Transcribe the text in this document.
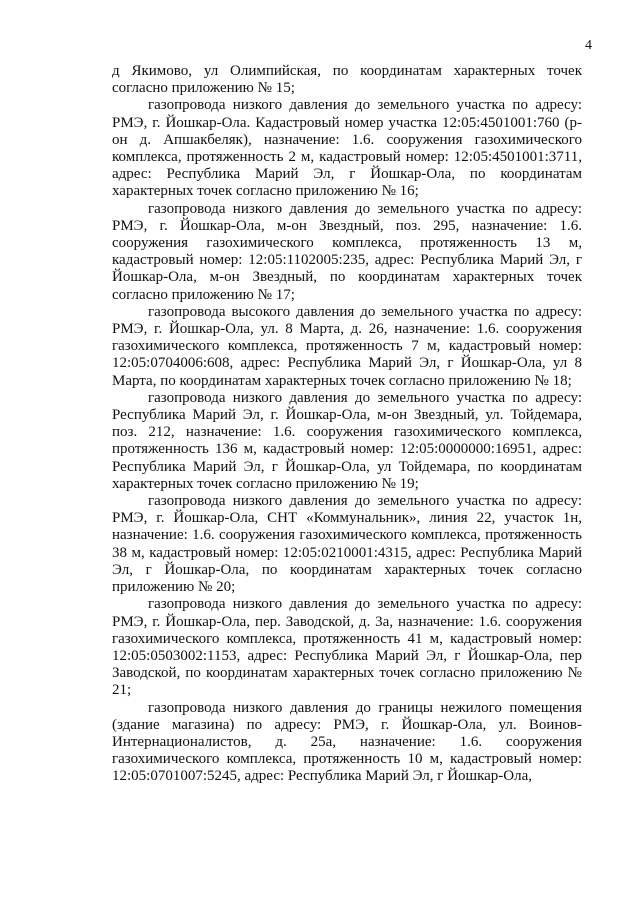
4

д Якимово, ул Олимпийская, по координатам характерных точек согласно приложению № 15;

газопровода низкого давления до земельного участка по адресу: РМЭ, г. Йошкар-Ола. Кадастровый номер участка 12:05:4501001:760 (р-он д. Апшакбеляк), назначение: 1.6. сооружения газохимического комплекса, протяженность 2 м, кадастровый номер: 12:05:4501001:3711, адрес: Республика Марий Эл, г Йошкар-Ола, по координатам характерных точек согласно приложению № 16;

газопровода низкого давления до земельного участка по адресу: РМЭ, г. Йошкар-Ола, м-он Звездный, поз. 295, назначение: 1.6. сооружения газохимического комплекса, протяженность 13 м, кадастровый номер: 12:05:1102005:235, адрес: Республика Марий Эл, г Йошкар-Ола, м-он Звездный, по координатам характерных точек согласно приложению № 17;

газопровода высокого давления до земельного участка по адресу: РМЭ, г. Йошкар-Ола, ул. 8 Марта, д. 26, назначение: 1.6. сооружения газохимического комплекса, протяженность 7 м, кадастровый номер: 12:05:0704006:608, адрес: Республика Марий Эл, г Йошкар-Ола, ул 8 Марта, по координатам характерных точек согласно приложению № 18;

газопровода низкого давления до земельного участка по адресу: Республика Марий Эл, г. Йошкар-Ола, м-он Звездный, ул. Тойдемара, поз. 212, назначение: 1.6. сооружения газохимического комплекса, протяженность 136 м, кадастровый номер: 12:05:0000000:16951, адрес: Республика Марий Эл, г Йошкар-Ола, ул Тойдемара, по координатам характерных точек согласно приложению № 19;

газопровода низкого давления до земельного участка по адресу: РМЭ, г. Йошкар-Ола, СНТ «Коммунальник», линия 22, участок 1н, назначение: 1.6. сооружения газохимического комплекса, протяженность 38 м, кадастровый номер: 12:05:0210001:4315, адрес: Республика Марий Эл, г Йошкар-Ола, по координатам характерных точек согласно приложению № 20;

газопровода низкого давления до земельного участка по адресу: РМЭ, г. Йошкар-Ола, пер. Заводской, д. 3а, назначение: 1.6. сооружения газохимического комплекса, протяженность 41 м, кадастровый номер: 12:05:0503002:1153, адрес: Республика Марий Эл, г Йошкар-Ола, пер Заводской, по координатам характерных точек согласно приложению № 21;

газопровода низкого давления до границы нежилого помещения (здание магазина) по адресу: РМЭ, г. Йошкар-Ола, ул. Воинов-Интернационалистов, д. 25а, назначение: 1.6. сооружения газохимического комплекса, протяженность 10 м, кадастровый номер: 12:05:0701007:5245, адрес: Республика Марий Эл, г Йошкар-Ола,
